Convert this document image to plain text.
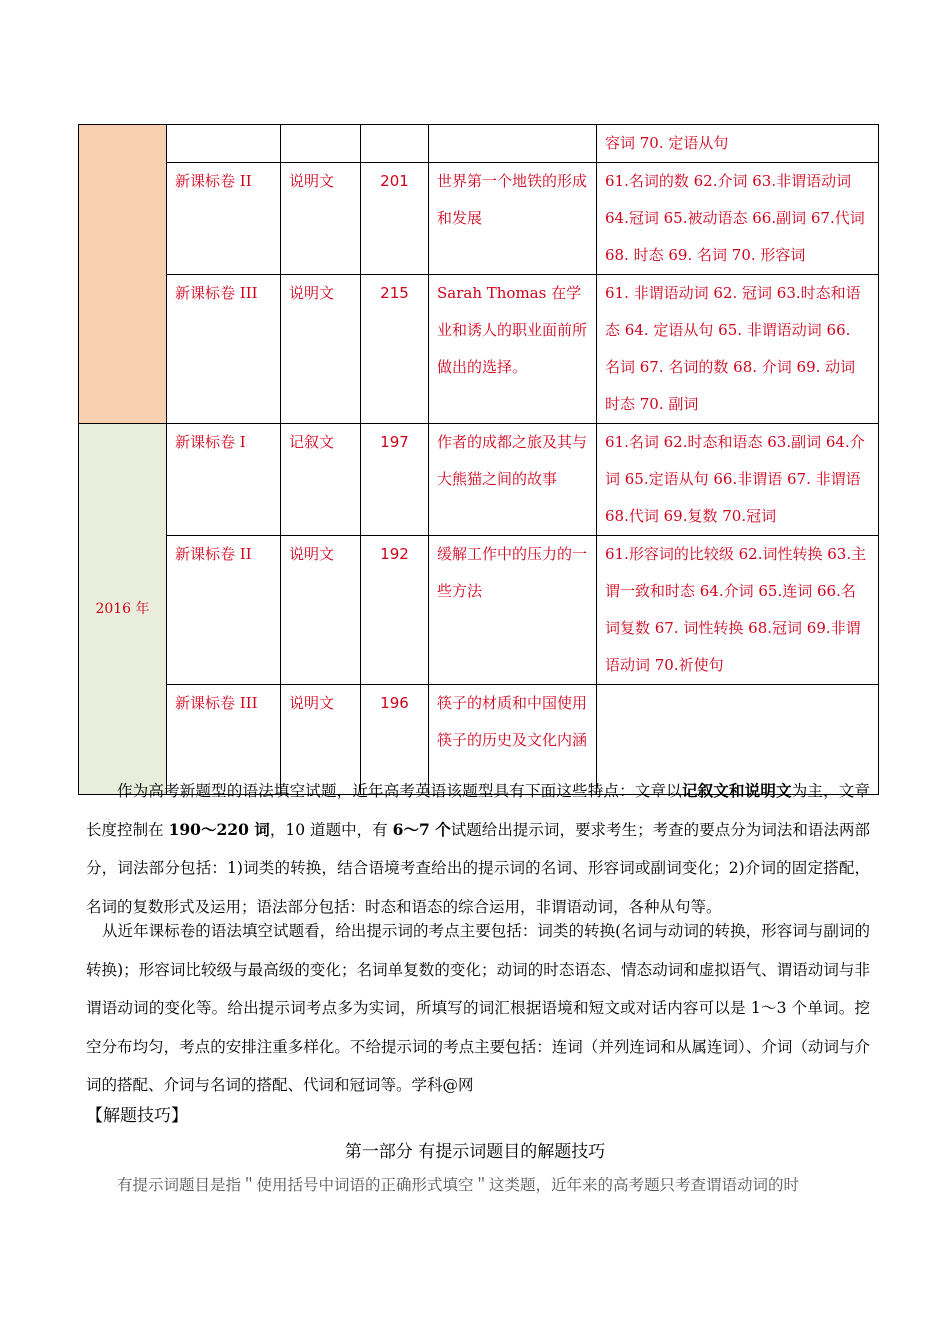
					容词 70. 定语从句
	新课标卷 II	说明文	201	世界第一个地铁的形成和发展	61.名词的数 62.介词 63.非谓语动词 64.冠词 65.被动语态 66.副词 67.代词 68. 时态 69. 名词 70. 形容词
	新课标卷 III	说明文	215	Sarah Thomas 在学业和诱人的职业面前所做出的选择。	61. 非谓语动词 62. 冠词 63.时态和语态 64. 定语从句 65. 非谓语动词 66. 名词 67. 名词的数 68. 介词 69. 动词时态 70. 副词
2016 年	新课标卷 I	记叙文	197	作者的成都之旅及其与大熊猫之间的故事	61.名词 62.时态和语态 63.副词 64.介词 65.定语从句 66.非谓语 67. 非谓语 68.代词 69.复数 70.冠词
	新课标卷 II	说明文	192	缓解工作中的压力的一些方法	61.形容词的比较级 62.词性转换 63.主谓一致和时态 64.介词 65.连词 66.名词复数 67. 词性转换 68.冠词 69.非谓语动词 70.祈使句
	新课标卷 III	说明文	196	筷子的材质和中国使用筷子的历史及文化内涵	

作为高考新题型的语法填空试题，近年高考英语该题型具有下面这些特点：文章以记叙文和说明文为主，文章长度控制在 190～220 词，10 道题中，有 6～7 个试题给出提示词，要求考生；考查的要点分为词法和语法两部分，词法部分包括：1)词类的转换，结合语境考查给出的提示词的名词、形容词或副词变化；2)介词的固定搭配，名词的复数形式及运用；语法部分包括：时态和语态的综合运用，非谓语动词，各种从句等。

从近年课标卷的语法填空试题看，给出提示词的考点主要包括：词类的转换(名词与动词的转换，形容词与副词的转换)；形容词比较级与最高级的变化；名词单复数的变化；动词的时态语态、情态动词和虚拟语气、谓语动词与非谓语动词的变化等。给出提示词考点多为实词，所填写的词汇根据语境和短文或对话内容可以是 1～3 个单词。挖空分布均匀，考点的安排注重多样化。不给提示词的考点主要包括：连词（并列连词和从属连词）、介词（动词与介词的搭配、介词与名词的搭配、代词和冠词等。学科@网

【解题技巧】

第一部分 有提示词题目的解题技巧

有提示词题目是指＂使用括号中词语的正确形式填空＂这类题，近年来的高考题只考查谓语动词的时
